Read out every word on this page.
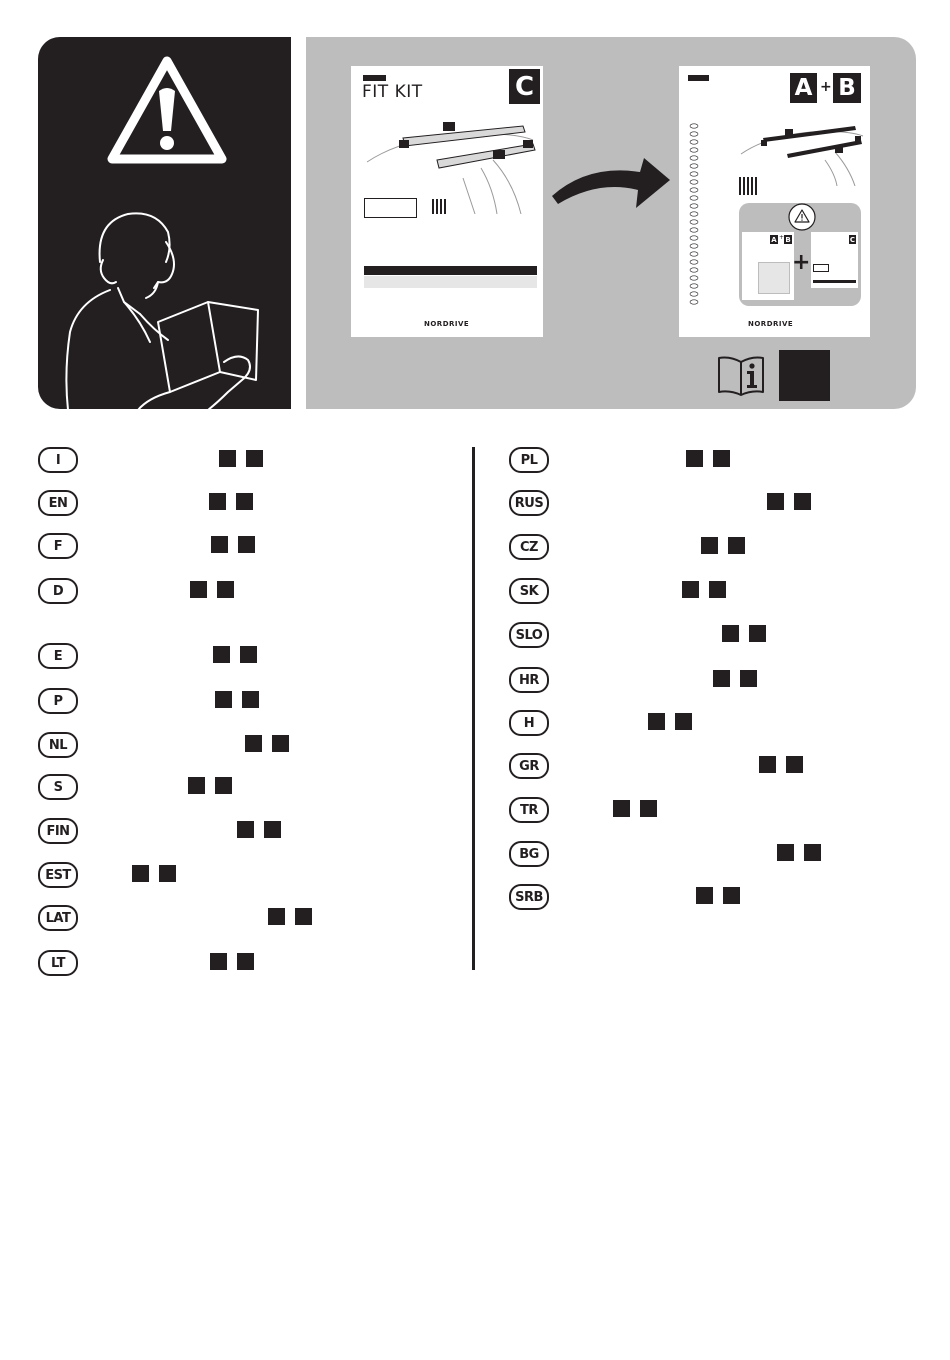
FIT KIT	C
NORDRIVE
A + B
A + B
+
C
NORDRIVE
I
EN
F
D
E
P
NL
S
FIN
EST
LAT
LT
PL
RUS
CZ
SK
SLO
HR
H
GR
TR
BG
SRB
